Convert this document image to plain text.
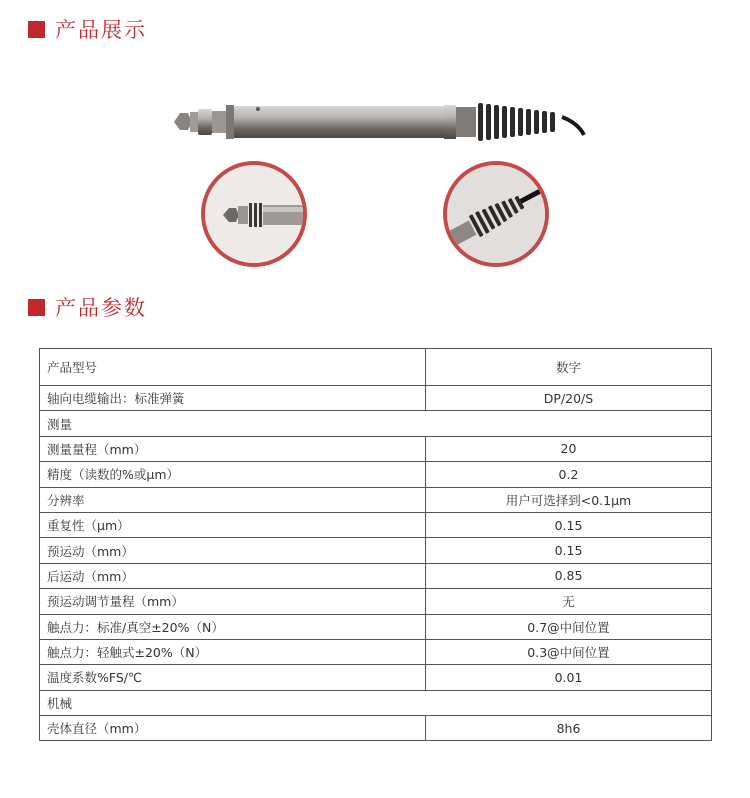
产品展示
产品参数
产品型号	数字
轴向电缆输出：标准弹簧	DP/20/S
测量	
测量量程（mm）	20
精度（读数的%或μm）	0.2
分辨率	用户可选择到<0.1μm
重复性（μm）	0.15
预运动（mm）	0.15
后运动（mm）	0.85
预运动调节量程（mm）	无
触点力：标准/真空±20%（N）	0.7@中间位置
触点力：轻触式±20%（N）	0.3@中间位置
温度系数%FS/℃	0.01
机械	
壳体直径（mm）	8h6
